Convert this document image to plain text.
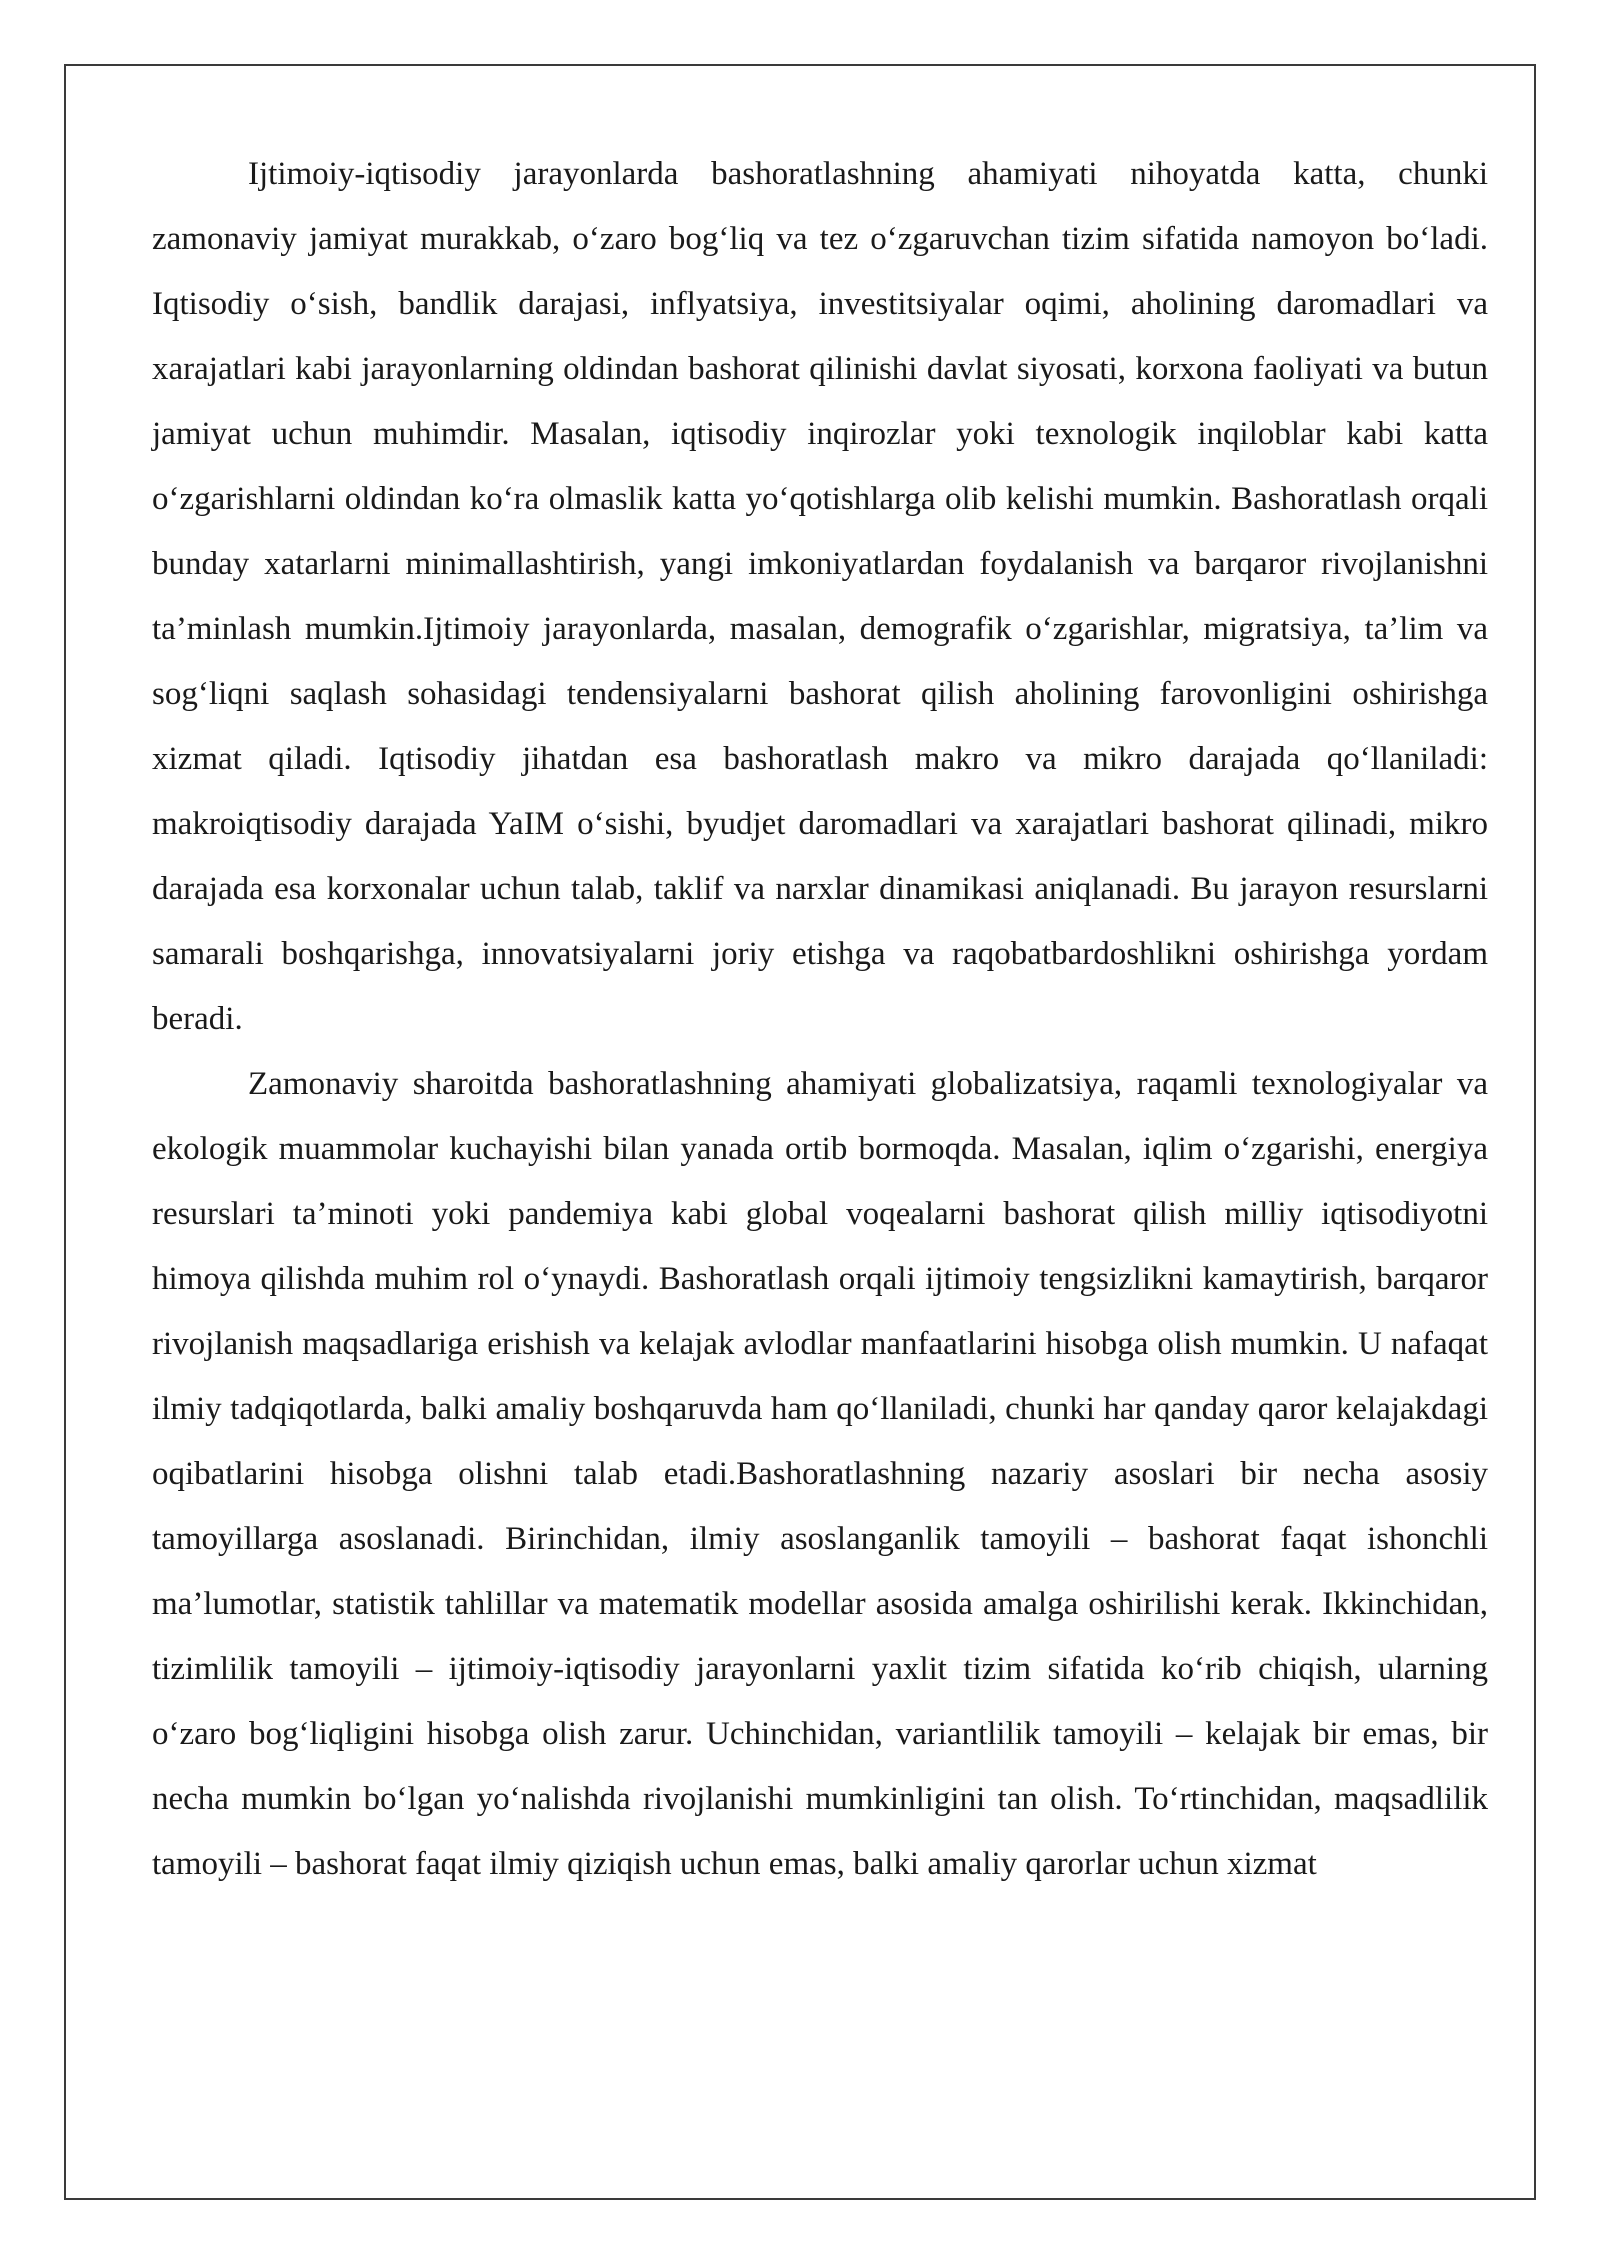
Ijtimoiy-iqtisodiy jarayonlarda bashoratlashning ahamiyati nihoyatda katta, chunki zamonaviy jamiyat murakkab, o‘zaro bog‘liq va tez o‘zgaruvchan tizim sifatida namoyon bo‘ladi. Iqtisodiy o‘sish, bandlik darajasi, inflyatsiya, investitsiyalar oqimi, aholining daromadlari va xarajatlari kabi jarayonlarning oldindan bashorat qilinishi davlat siyosati, korxona faoliyati va butun jamiyat uchun muhimdir. Masalan, iqtisodiy inqirozlar yoki texnologik inqiloblar kabi katta o‘zgarishlarni oldindan ko‘ra olmaslik katta yo‘qotishlarga olib kelishi mumkin. Bashoratlash orqali bunday xatarlarni minimallashtirish, yangi imkoniyatlardan foydalanish va barqaror rivojlanishni ta’minlash mumkin.Ijtimoiy jarayonlarda, masalan, demografik o‘zgarishlar, migratsiya, ta’lim va sog‘liqni saqlash sohasidagi tendensiyalarni bashorat qilish aholining farovonligini oshirishga xizmat qiladi. Iqtisodiy jihatdan esa bashoratlash makro va mikro darajada qo‘llaniladi: makroiqtisodiy darajada YaIM o‘sishi, byudjet daromadlari va xarajatlari bashorat qilinadi, mikro darajada esa korxonalar uchun talab, taklif va narxlar dinamikasi aniqlanadi. Bu jarayon resurslarni samarali boshqarishga, innovatsiyalarni joriy etishga va raqobatbardoshlikni oshirishga yordam beradi.

Zamonaviy sharoitda bashoratlashning ahamiyati globalizatsiya, raqamli texnologiyalar va ekologik muammolar kuchayishi bilan yanada ortib bormoqda. Masalan, iqlim o‘zgarishi, energiya resurslari ta’minoti yoki pandemiya kabi global voqealarni bashorat qilish milliy iqtisodiyotni himoya qilishda muhim rol o‘ynaydi. Bashoratlash orqali ijtimoiy tengsizlikni kamaytirish, barqaror rivojlanish maqsadlariga erishish va kelajak avlodlar manfaatlarini hisobga olish mumkin. U nafaqat ilmiy tadqiqotlarda, balki amaliy boshqaruvda ham qo‘llaniladi, chunki har qanday qaror kelajakdagi oqibatlarini hisobga olishni talab etadi.Bashoratlashning nazariy asoslari bir necha asosiy tamoyillarga asoslanadi. Birinchidan, ilmiy asoslanganlik tamoyili – bashorat faqat ishonchli ma’lumotlar, statistik tahlillar va matematik modellar asosida amalga oshirilishi kerak. Ikkinchidan, tizimlilik tamoyili – ijtimoiy-iqtisodiy jarayonlarni yaxlit tizim sifatida ko‘rib chiqish, ularning o‘zaro bog‘liqligini hisobga olish zarur. Uchinchidan, variantlilik tamoyili – kelajak bir emas, bir necha mumkin bo‘lgan yo‘nalishda rivojlanishi mumkinligini tan olish. To‘rtinchidan, maqsadlilik tamoyili – bashorat faqat ilmiy qiziqish uchun emas, balki amaliy qarorlar uchun xizmat
